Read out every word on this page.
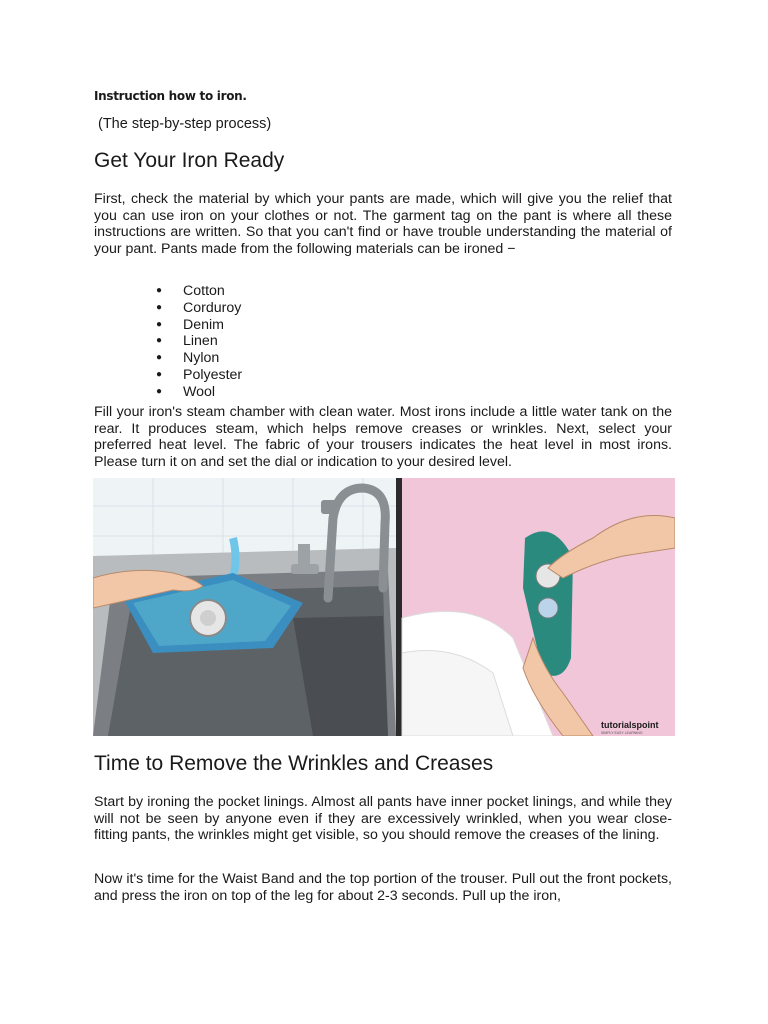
Instruction how to iron.
(The step-by-step process)
Get Your Iron Ready

First, check the material by which your pants are made, which will give you the relief that you can use iron on your clothes or not. The garment tag on the pant is where all these instructions are written. So that you can't find or have trouble understanding the material of your pant. Pants made from the following materials can be ironed −

● Cotton
● Corduroy
● Denim
● Linen
● Nylon
● Polyester
● Wool

Fill your iron's steam chamber with clean water. Most irons include a little water tank on the rear. It produces steam, which helps remove creases or wrinkles. Next, select your preferred heat level. The fabric of your trousers indicates the heat level in most irons. Please turn it on and set the dial or indication to your desired level.

Time to Remove the Wrinkles and Creases

Start by ironing the pocket linings. Almost all pants have inner pocket linings, and while they will not be seen by anyone even if they are excessively wrinkled, when you wear close-fitting pants, the wrinkles might get visible, so you should remove the creases of the lining.

Now it's time for the Waist Band and the top portion of the trouser. Pull out the front pockets, and press the iron on top of the leg for about 2-3 seconds. Pull up the iron,

tutorialspoint
SIMPLY EASY LEARNING
